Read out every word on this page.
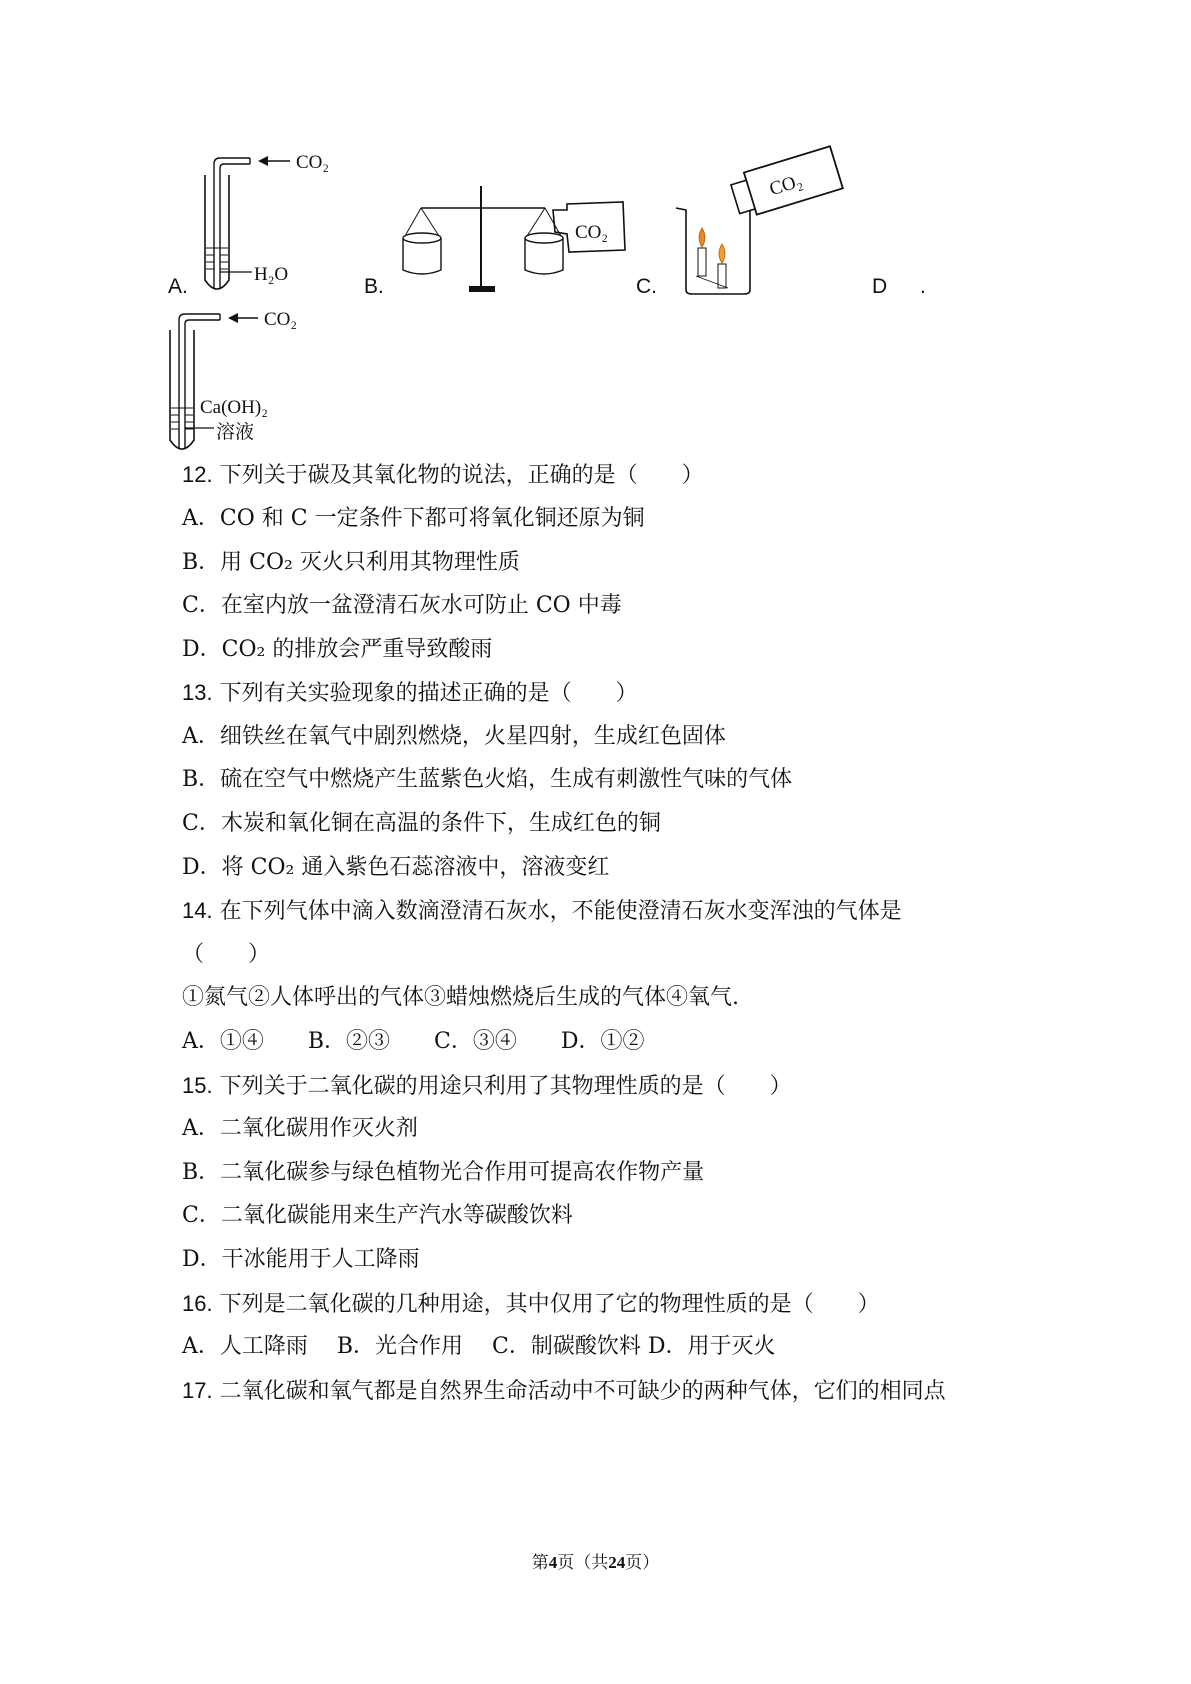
A.
CO₂
H₂O
B.
CO₂
C.
CO₂
D .
CO₂
Ca(OH)₂
溶液
12. 下列关于碳及其氧化物的说法，正确的是（　　）
A．CO 和 C 一定条件下都可将氧化铜还原为铜
B．用 CO₂ 灭火只利用其物理性质
C．在室内放一盆澄清石灰水可防止 CO 中毒
D．CO₂ 的排放会严重导致酸雨
13. 下列有关实验现象的描述正确的是（　　）
A．细铁丝在氧气中剧烈燃烧，火星四射，生成红色固体
B．硫在空气中燃烧产生蓝紫色火焰，生成有刺激性气味的气体
C．木炭和氧化铜在高温的条件下，生成红色的铜
D．将 CO₂ 通入紫色石蕊溶液中，溶液变红
14. 在下列气体中滴入数滴澄清石灰水，不能使澄清石灰水变浑浊的气体是
（　　）
①氮气②人体呼出的气体③蜡烛燃烧后生成的气体④氧气.
A．①④　　B．②③　　C．③④　　D．①②
15. 下列关于二氧化碳的用途只利用了其物理性质的是（　　）
A．二氧化碳用作灭火剂
B．二氧化碳参与绿色植物光合作用可提高农作物产量
C．二氧化碳能用来生产汽水等碳酸饮料
D．干冰能用于人工降雨
16. 下列是二氧化碳的几种用途，其中仅用了它的物理性质的是（　　）
A．人工降雨　 B．光合作用　 C．制碳酸饮料 D．用于灭火
17. 二氧化碳和氧气都是自然界生命活动中不可缺少的两种气体，它们的相同点
第4页（共24页）
